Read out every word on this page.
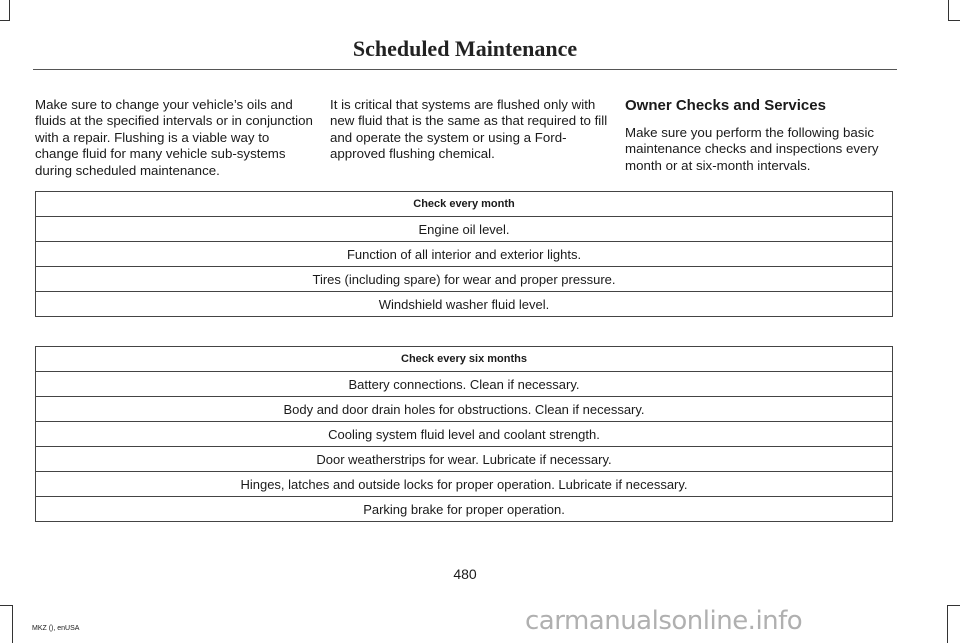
Scheduled Maintenance

Make sure to change your vehicle’s oils and fluids at the specified intervals or in conjunction with a repair. Flushing is a viable way to change fluid for many vehicle sub-systems during scheduled maintenance.

It is critical that systems are flushed only with new fluid that is the same as that required to fill and operate the system or using a Ford-approved flushing chemical.

Owner Checks and Services

Make sure you perform the following basic maintenance checks and inspections every month or at six-month intervals.

Check every month
Engine oil level.
Function of all interior and exterior lights.
Tires (including spare) for wear and proper pressure.
Windshield washer fluid level.
Check every six months
Battery connections. Clean if necessary.
Body and door drain holes for obstructions. Clean if necessary.
Cooling system fluid level and coolant strength.
Door weatherstrips for wear. Lubricate if necessary.
Hinges, latches and outside locks for proper operation. Lubricate if necessary.
Parking brake for proper operation.
480
MKZ (), enUSA	carmanualsonline.info
